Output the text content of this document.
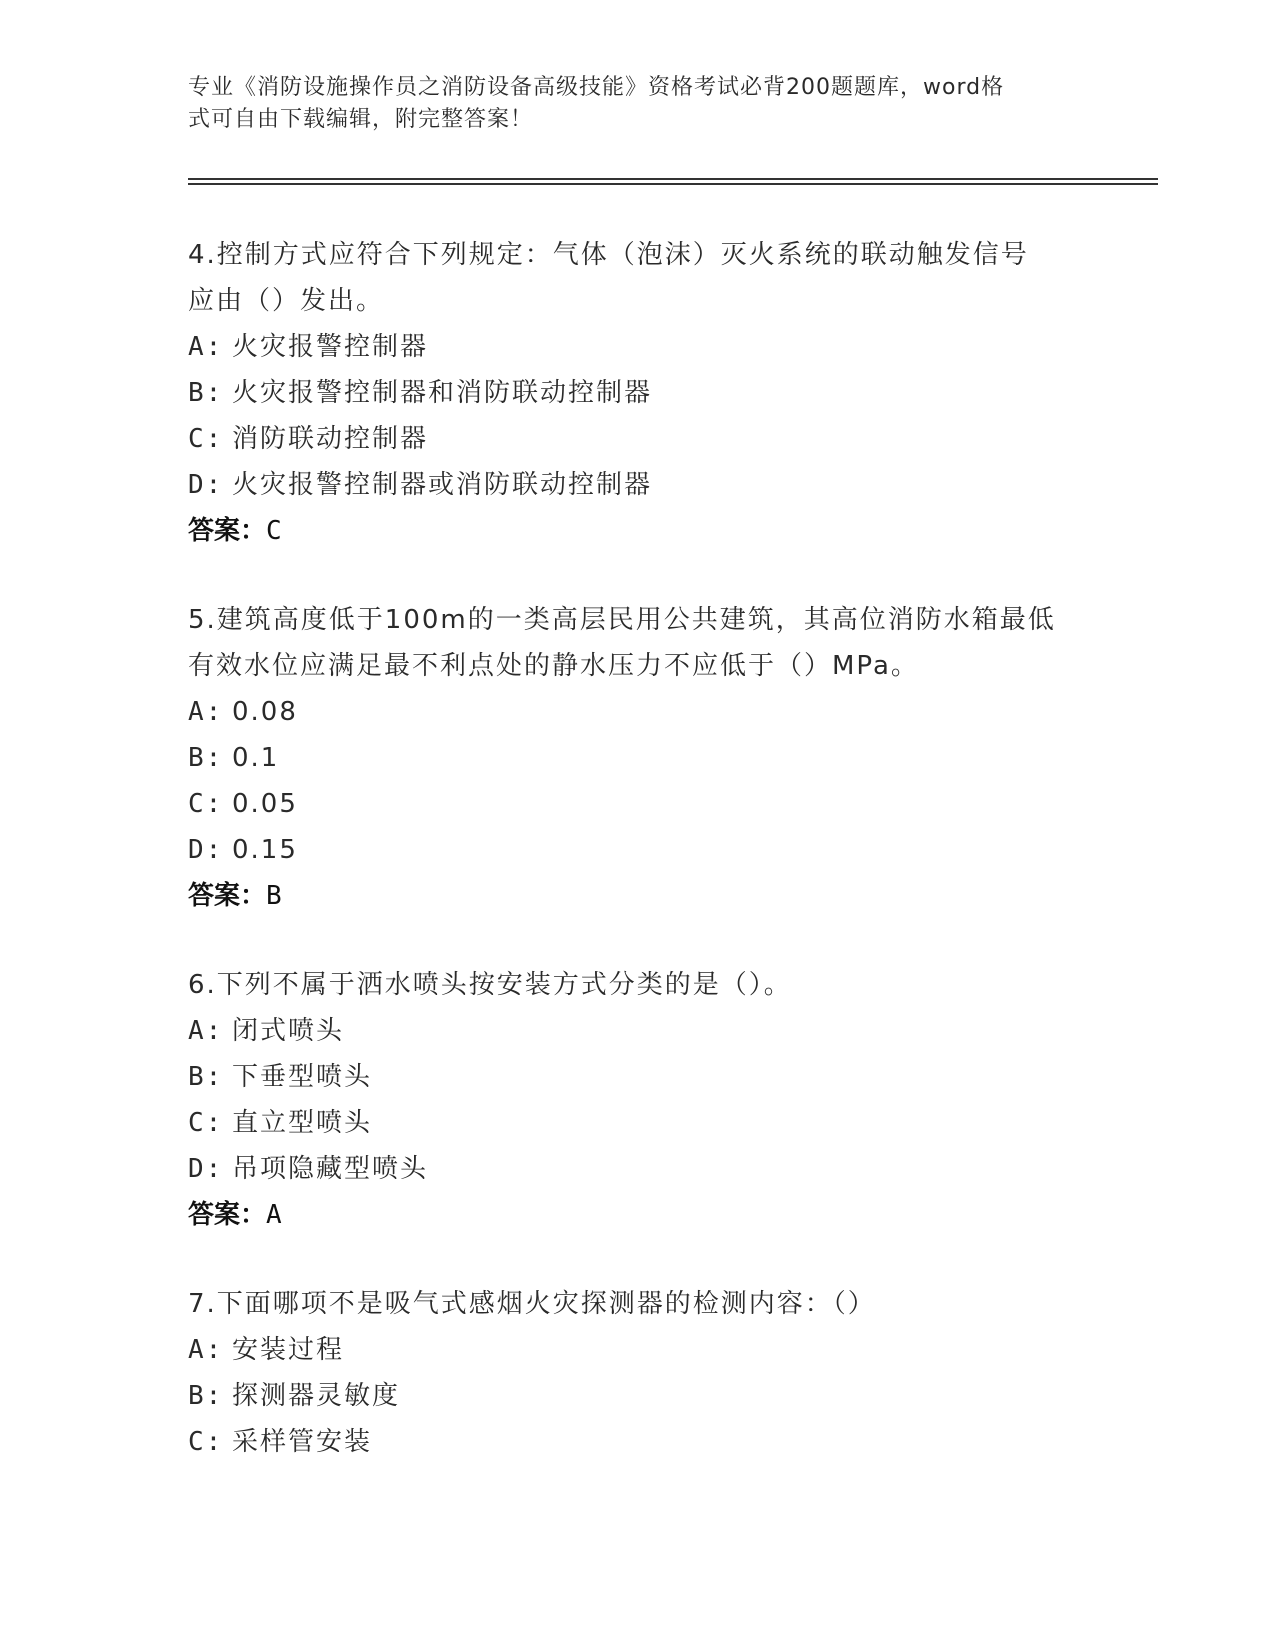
专业《消防设施操作员之消防设备高级技能》资格考试必背200题题库，word格
式可自由下载编辑，附完整答案！
4.控制方式应符合下列规定：气体（泡沫）灭火系统的联动触发信号
应由（）发出。
A: 火灾报警控制器
B: 火灾报警控制器和消防联动控制器
C: 消防联动控制器
D: 火灾报警控制器或消防联动控制器
答案：C
5.建筑高度低于100m的一类高层民用公共建筑，其高位消防水箱最低
有效水位应满足最不利点处的静水压力不应低于（）MPa。
A: 0.08
B: 0.1
C: 0.05
D: 0.15
答案：B
6.下列不属于洒水喷头按安装方式分类的是（）。
A: 闭式喷头
B: 下垂型喷头
C: 直立型喷头
D: 吊项隐藏型喷头
答案：A
7.下面哪项不是吸气式感烟火灾探测器的检测内容：（）
A: 安装过程
B: 探测器灵敏度
C: 采样管安装
